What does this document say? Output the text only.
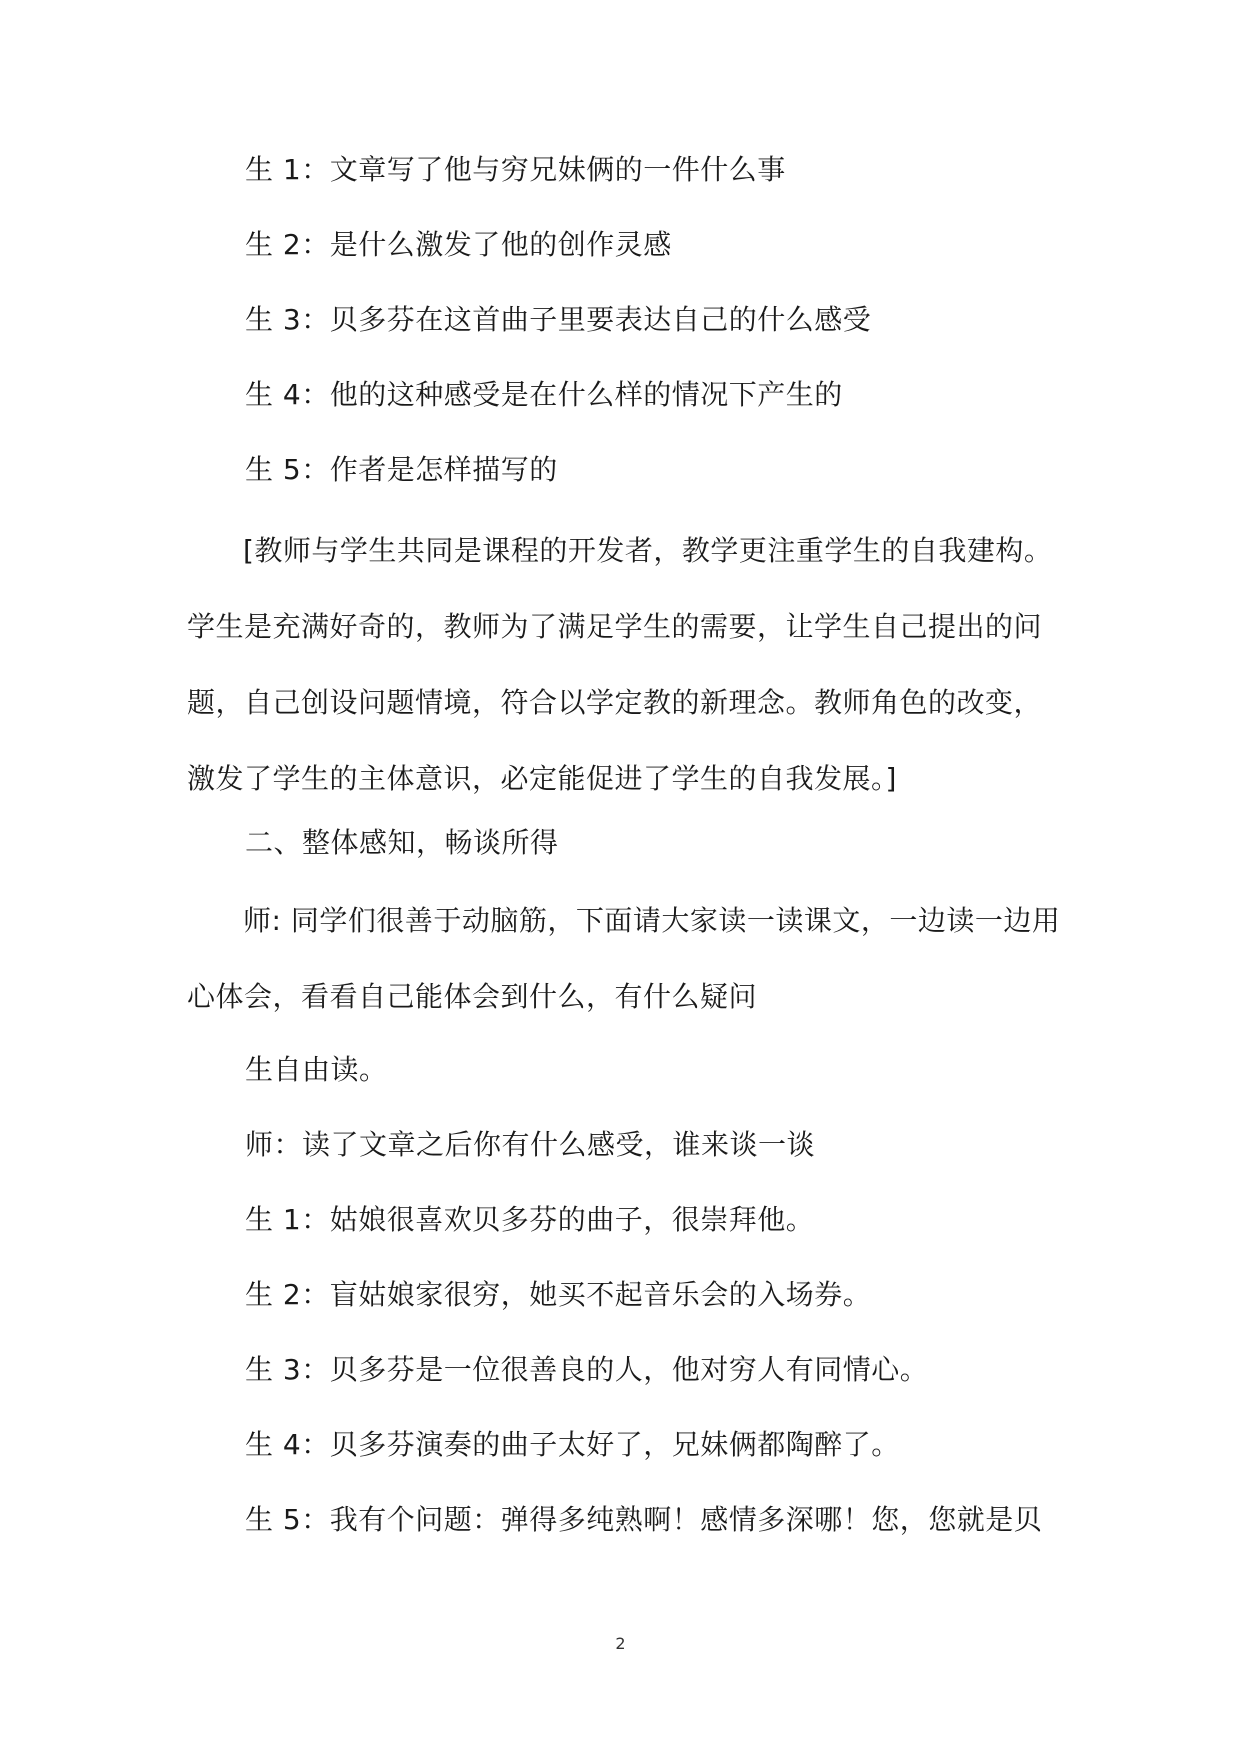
生 1：文章写了他与穷兄妹俩的一件什么事

生 2：是什么激发了他的创作灵感

生 3：贝多芬在这首曲子里要表达自己的什么感受

生 4：他的这种感受是在什么样的情况下产生的

生 5：作者是怎样描写的

[教师与学生共同是课程的开发者，教学更注重学生的自我建构。学生是充满好奇的，教师为了满足学生的需要，让学生自己提出的问题，自己创设问题情境，符合以学定教的新理念。教师角色的改变，激发了学生的主体意识，必定能促进了学生的自我发展。]

二、整体感知，畅谈所得

师: 同学们很善于动脑筋，下面请大家读一读课文，一边读一边用心体会，看看自己能体会到什么，有什么疑问

生自由读。

师：读了文章之后你有什么感受，谁来谈一谈

生 1：姑娘很喜欢贝多芬的曲子，很崇拜他。

生 2：盲姑娘家很穷，她买不起音乐会的入场券。

生 3：贝多芬是一位很善良的人，他对穷人有同情心。

生 4：贝多芬演奏的曲子太好了，兄妹俩都陶醉了。

生 5：我有个问题：弹得多纯熟啊！感情多深哪！您，您就是贝

2
